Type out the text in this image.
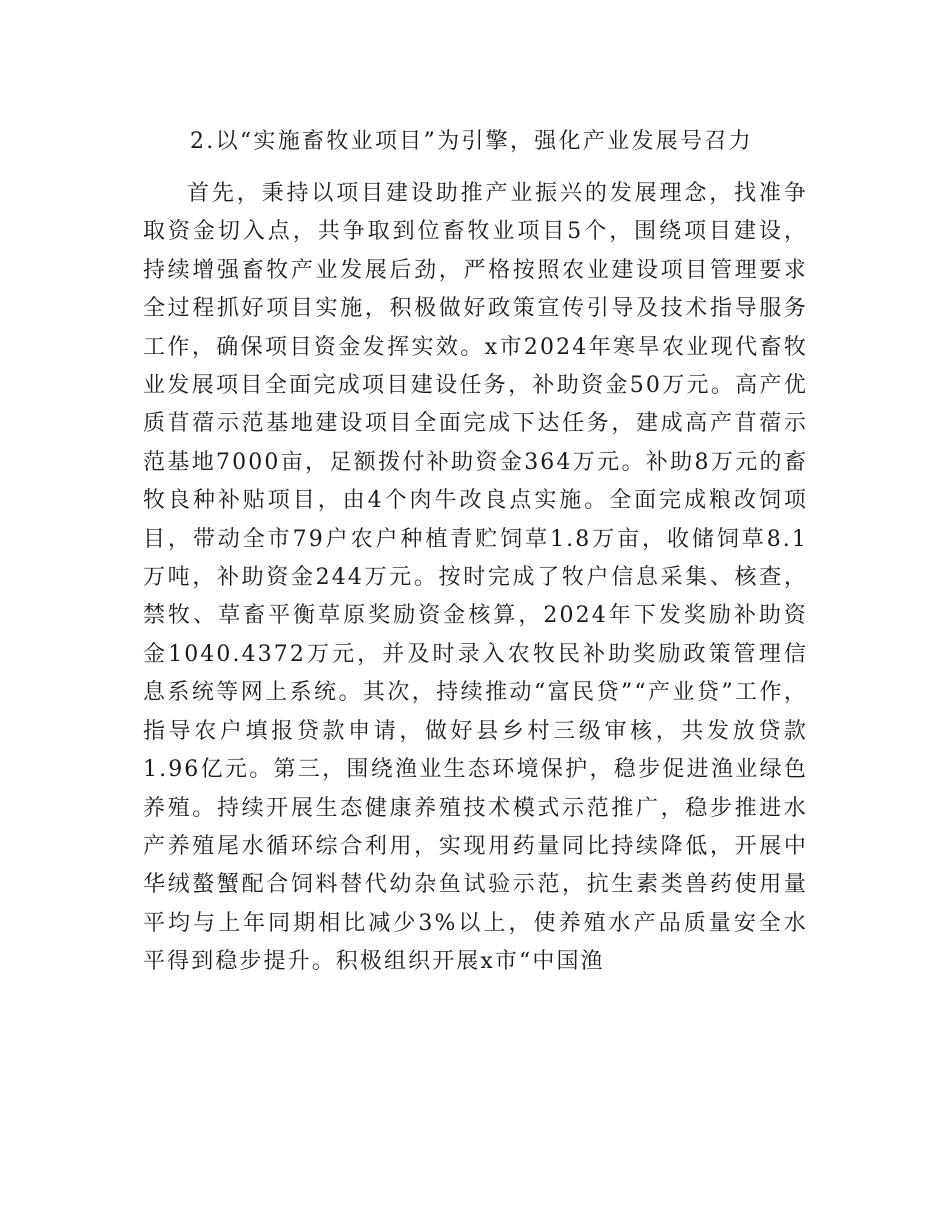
2.以“实施畜牧业项目”为引擎，强化产业发展号召力

首先，秉持以项目建设助推产业振兴的发展理念，找准争取资金切入点，共争取到位畜牧业项目5个，围绕项目建设，持续增强畜牧产业发展后劲，严格按照农业建设项目管理要求全过程抓好项目实施，积极做好政策宣传引导及技术指导服务工作，确保项目资金发挥实效。x市2024年寒旱农业现代畜牧业发展项目全面完成项目建设任务，补助资金50万元。高产优质苜蓿示范基地建设项目全面完成下达任务，建成高产苜蓿示范基地7000亩，足额拨付补助资金364万元。补助8万元的畜牧良种补贴项目，由4个肉牛改良点实施。全面完成粮改饲项目，带动全市79户农户种植青贮饲草1.8万亩，收储饲草8.1万吨，补助资金244万元。按时完成了牧户信息采集、核查，禁牧、草畜平衡草原奖励资金核算，2024年下发奖励补助资金1040.4372万元，并及时录入农牧民补助奖励政策管理信息系统等网上系统。其次，持续推动“富民贷”“产业贷”工作，指导农户填报贷款申请，做好县乡村三级审核，共发放贷款1.96亿元。第三，围绕渔业生态环境保护，稳步促进渔业绿色养殖。持续开展生态健康养殖技术模式示范推广，稳步推进水产养殖尾水循环综合利用，实现用药量同比持续降低，开展中华绒螯蟹配合饲料替代幼杂鱼试验示范，抗生素类兽药使用量平均与上年同期相比减少3%以上，使养殖水产品质量安全水平得到稳步提升。积极组织开展x市“中国渔
